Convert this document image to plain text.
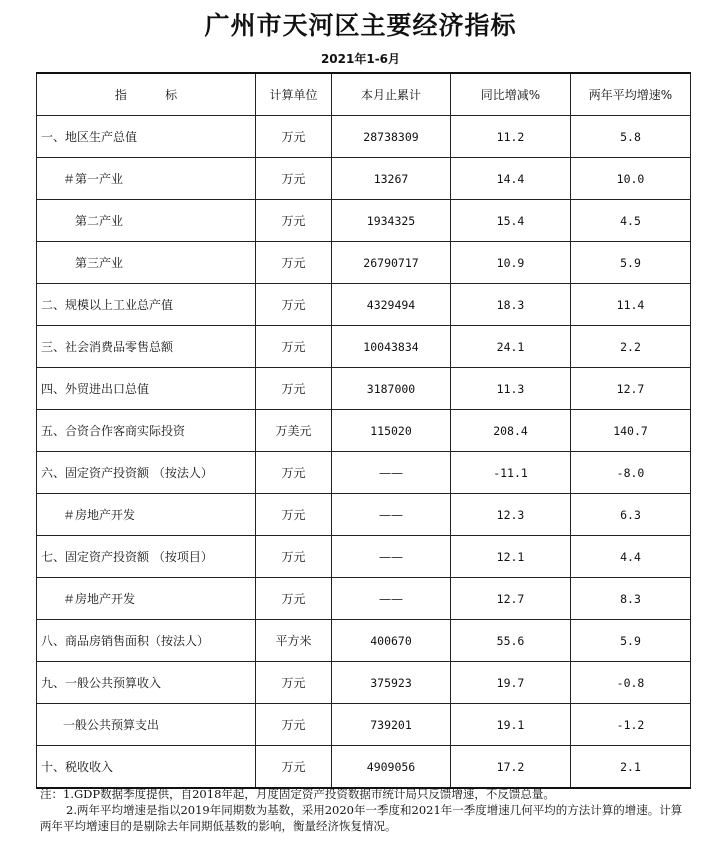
广州市天河区主要经济指标
2021年1-6月
指          标	计算单位	本月止累计	同比增减%	两年平均增速%
一、地区生产总值	万元	28738309	11.2	5.8
＃第一产业	万元	13267	14.4	10.0
第二产业	万元	1934325	15.4	4.5
第三产业	万元	26790717	10.9	5.9
二、规模以上工业总产值	万元	4329494	18.3	11.4
三、社会消费品零售总额	万元	10043834	24.1	2.2
四、外贸进出口总值	万元	3187000	11.3	12.7
五、合资合作客商实际投资	万美元	115020	208.4	140.7
六、固定资产投资额 （按法人）	万元	——	-11.1	-8.0
＃房地产开发	万元	——	12.3	6.3
七、固定资产投资额 （按项目）	万元	——	12.1	4.4
＃房地产开发	万元	——	12.7	8.3
八、商品房销售面积（按法人）	平方米	400670	55.6	5.9
九、一般公共预算收入	万元	375923	19.7	-0.8
一般公共预算支出	万元	739201	19.1	-1.2
十、税收收入	万元	4909056	17.2	2.1

注：1.GDP数据季度提供，自2018年起，月度固定资产投资数据市统计局只反馈增速，不反馈总量。

2.两年平均增速是指以2019年同期数为基数，采用2020年一季度和2021年一季度增速几何平均的方法计算的增速。计算两年平均增速目的是剔除去年同期低基数的影响，衡量经济恢复情况。
